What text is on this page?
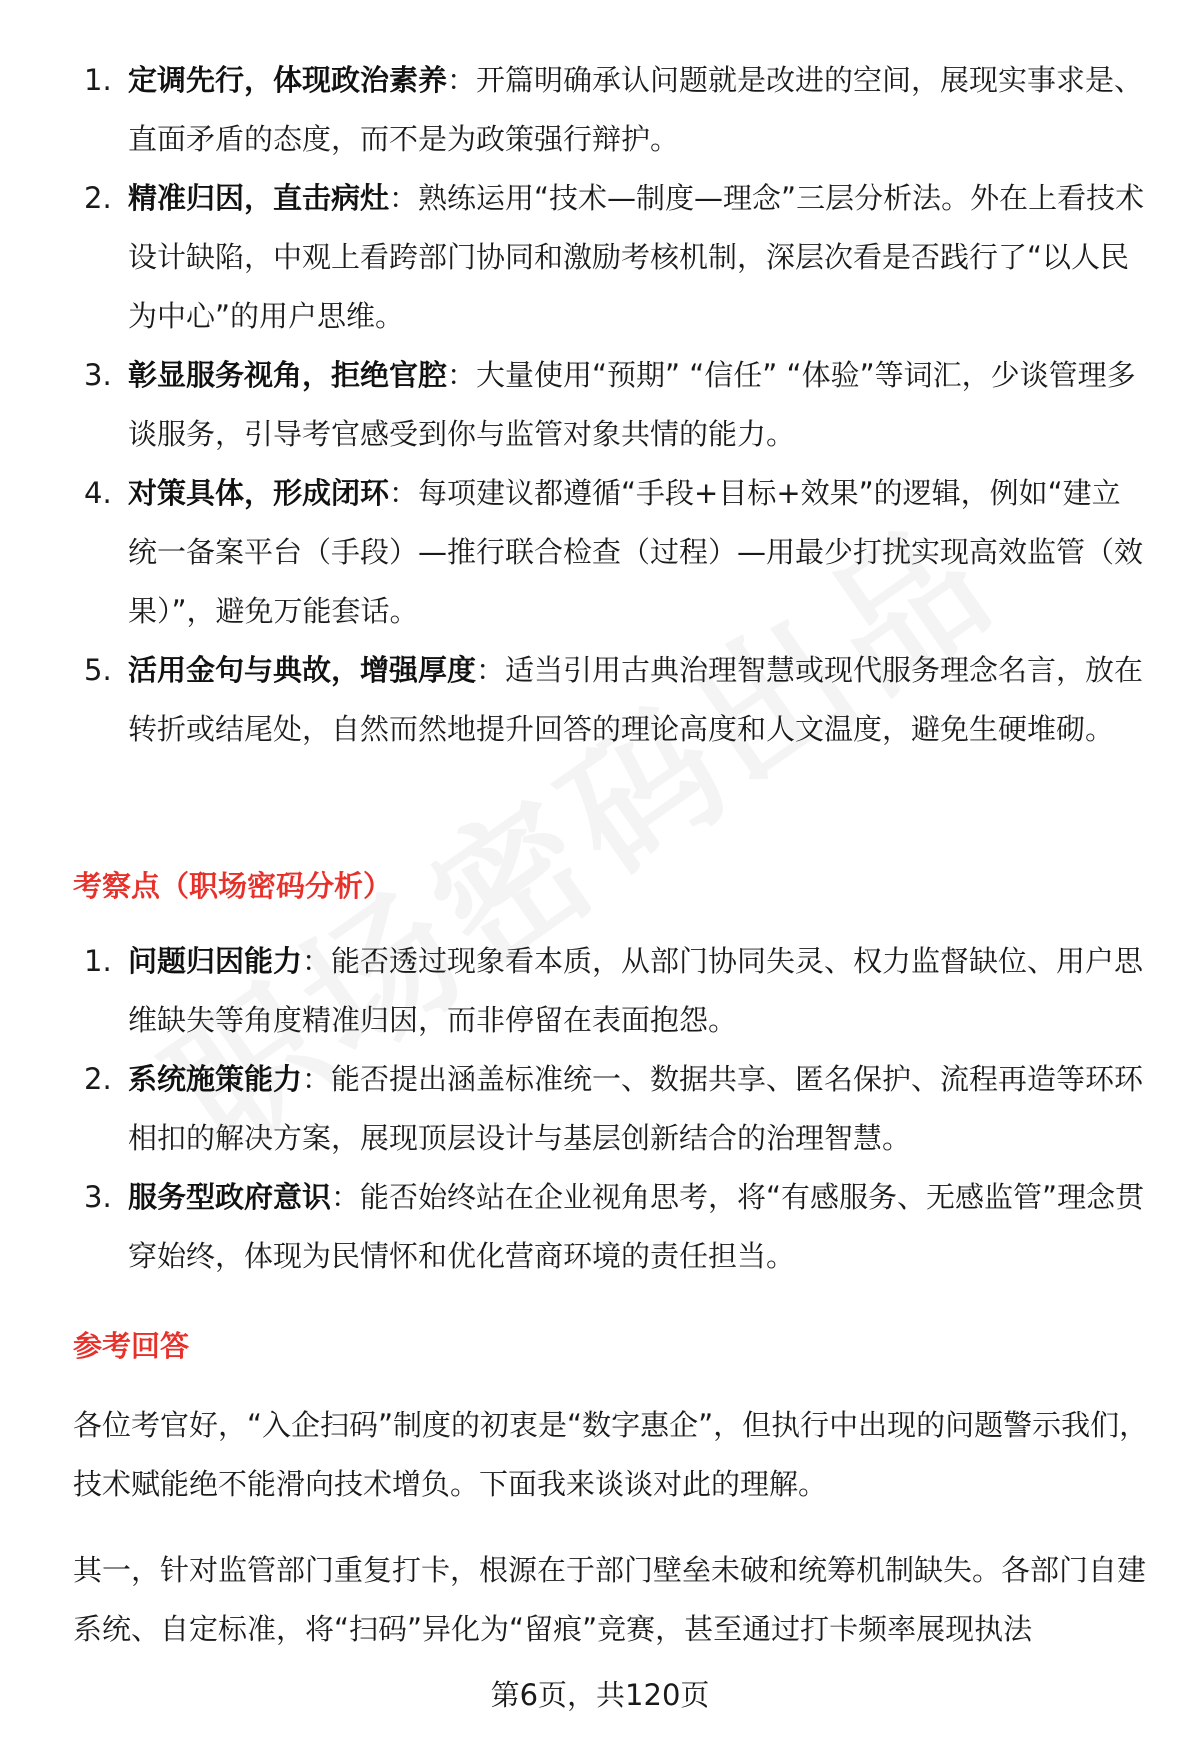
1. 定调先行，体现政治素养：开篇明确承认问题就是改进的空间，展现实事求是、直面矛盾的态度，而不是为政策强行辩护。
2. 精准归因，直击病灶：熟练运用“技术—制度—理念”三层分析法。外在上看技术设计缺陷，中观上看跨部门协同和激励考核机制，深层次看是否践行了“以人民为中心”的用户思维。
3. 彰显服务视角，拒绝官腔：大量使用“预期” “信任” “体验”等词汇，少谈管理多谈服务，引导考官感受到你与监管对象共情的能力。
4. 对策具体，形成闭环：每项建议都遵循“手段+目标+效果”的逻辑，例如“建立统一备案平台（手段）—推行联合检查（过程）—用最少打扰实现高效监管（效果）”，避免万能套话。
5. 活用金句与典故，增强厚度：适当引用古典治理智慧或现代服务理念名言，放在转折或结尾处，自然而然地提升回答的理论高度和人文温度，避免生硬堆砌。
考察点（职场密码分析）
1. 问题归因能力：能否透过现象看本质，从部门协同失灵、权力监督缺位、用户思维缺失等角度精准归因，而非停留在表面抱怨。
2. 系统施策能力：能否提出涵盖标准统一、数据共享、匿名保护、流程再造等环环相扣的解决方案，展现顶层设计与基层创新结合的治理智慧。
3. 服务型政府意识：能否始终站在企业视角思考，将“有感服务、无感监管”理念贯穿始终，体现为民情怀和优化营商环境的责任担当。
参考回答

各位考官好，“入企扫码”制度的初衷是“数字惠企”，但执行中出现的问题警示我们，技术赋能绝不能滑向技术增负。下面我来谈谈对此的理解。

其一，针对监管部门重复打卡，根源在于部门壁垒未破和统筹机制缺失。各部门自建系统、自定标准，将“扫码”异化为“留痕”竞赛，甚至通过打卡频率展现执法

第6页，共120页
